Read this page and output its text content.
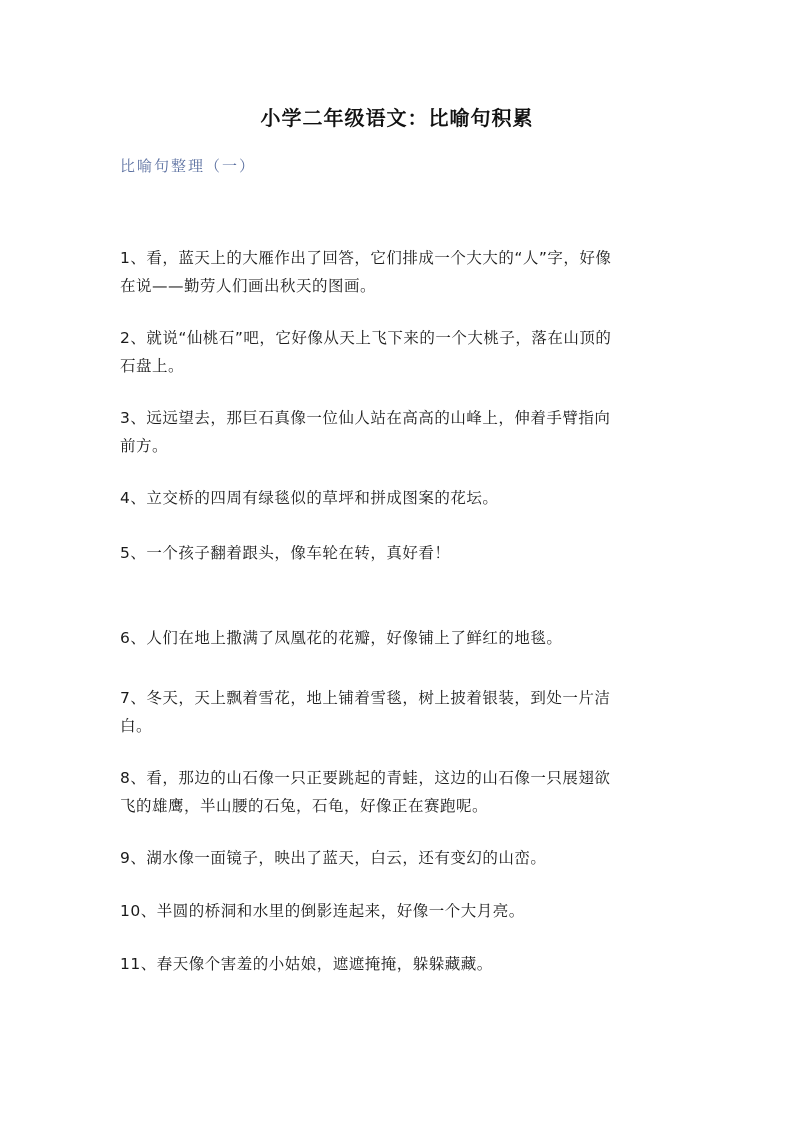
小学二年级语文：比喻句积累
比喻句整理（一）
1、看，蓝天上的大雁作出了回答，它们排成一个大大的“人”字，好像
在说——勤劳人们画出秋天的图画。
2、就说“仙桃石”吧，它好像从天上飞下来的一个大桃子，落在山顶的
石盘上。
3、远远望去，那巨石真像一位仙人站在高高的山峰上，伸着手臂指向
前方。
4、立交桥的四周有绿毯似的草坪和拼成图案的花坛。
5、一个孩子翻着跟头，像车轮在转，真好看！
6、人们在地上撒满了凤凰花的花瓣，好像铺上了鲜红的地毯。
7、冬天，天上飘着雪花，地上铺着雪毯，树上披着银装，到处一片洁
白。
8、看，那边的山石像一只正要跳起的青蛙，这边的山石像一只展翅欲
飞的雄鹰，半山腰的石兔，石龟，好像正在赛跑呢。
9、湖水像一面镜子，映出了蓝天，白云，还有变幻的山峦。
10、半圆的桥洞和水里的倒影连起来，好像一个大月亮。
11、春天像个害羞的小姑娘，遮遮掩掩，躲躲藏藏。
